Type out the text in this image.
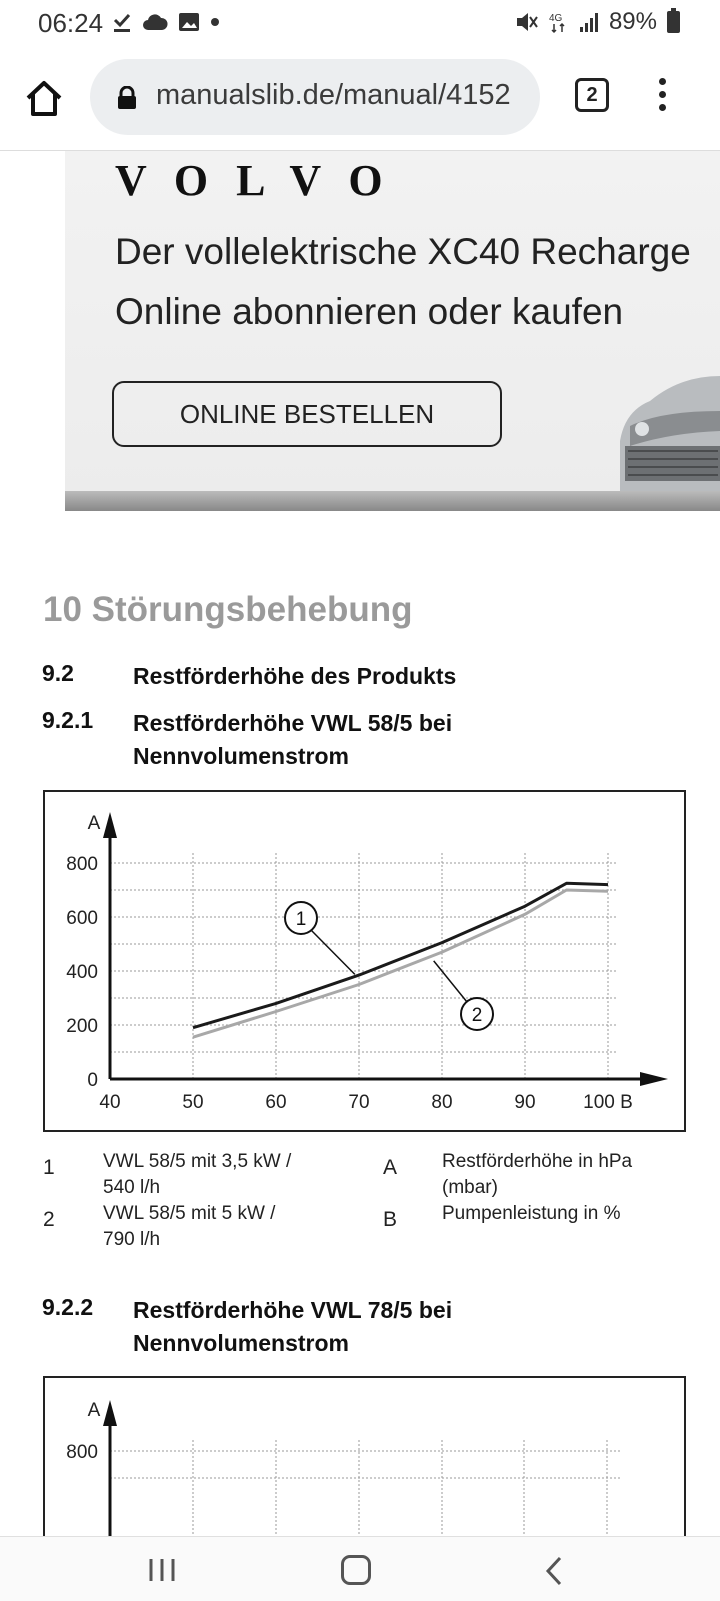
06:24	4G 89%
manualslib.de/manual/4152	2
VOLVO
Der vollelektrische XC40 Recharge
Online abonnieren oder kaufen
ONLINE BESTELLEN
10 Störungsbehebung
9.2	Restförderhöhe des Produkts
9.2.1 Restförderhöhe VWL 58/5 bei Nennvolumenstrom
0
200
400
600
800
40	50	60	70	80	90	100 B
A
1
2
1	VWL 58/5 mit 3,5 kW /
540 l/h
2	VWL 58/5 mit 5 kW /
790 l/h
A Restförderhöhe in hPa
(mbar)
B Pumpenleistung in %
9.2.2 Restförderhöhe VWL 78/5 bei Nennvolumenstrom
A
800
